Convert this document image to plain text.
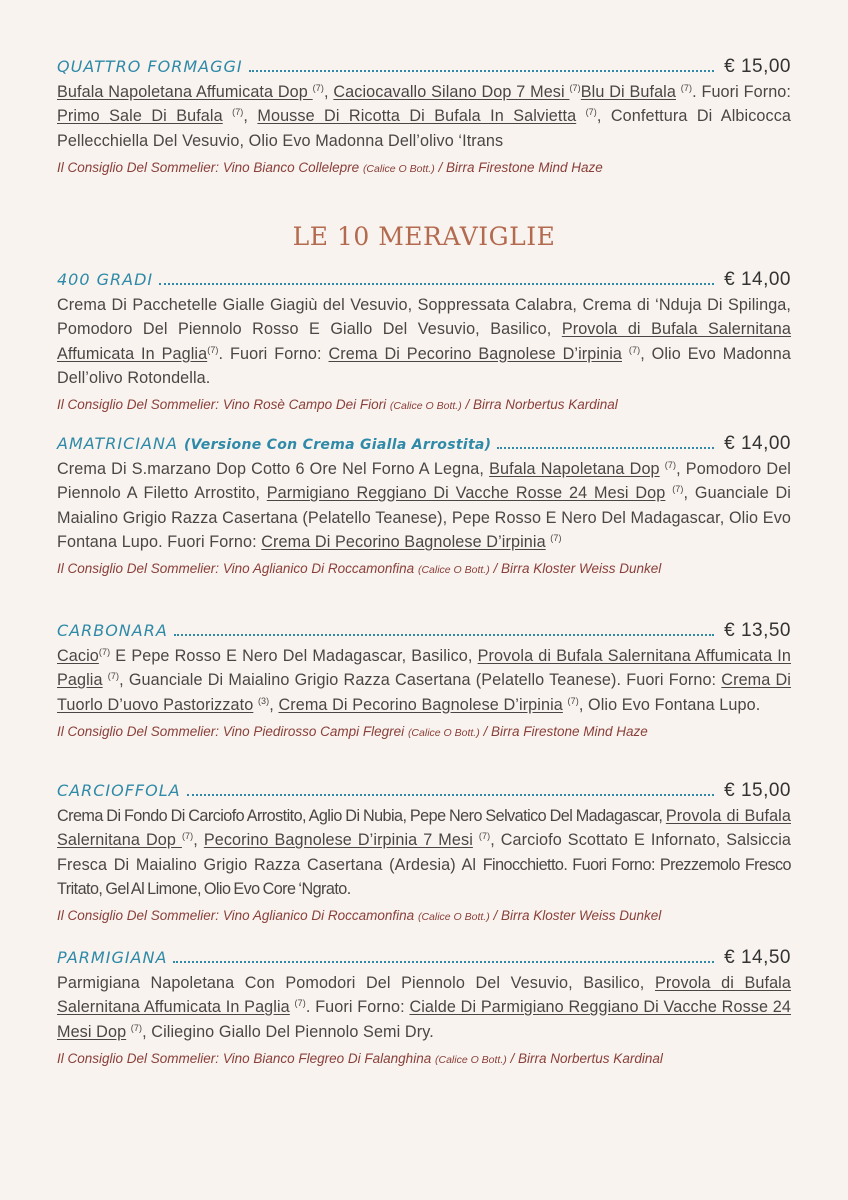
QUATTRO FORMAGGI	€ 15,00
Bufala Napoletana Affumicata Dop $^{(7)}$, Caciocavallo Silano Dop 7 Mesi $^{(7)}$Blu Di Bufala $^{(7)}$. Fuori Forno: Primo Sale Di Bufala $^{(7)}$, Mousse Di Ricotta Di Bufala In Salvietta $^{(7)}$, Confettura Di Albicocca Pellecchiella Del Vesuvio, Olio Evo Madonna Dell’olivo ‘Itrans
Il Consiglio Del Sommelier: Vino Bianco Collelepre (Calice O Bott.) / Birra Firestone Mind Haze
LE 10 MERAVIGLIE
400 GRADI	€ 14,00
Crema Di Pacchetelle Gialle Giagiù del Vesuvio, Soppressata Calabra, Crema di ‘Nduja Di Spilinga, Pomodoro Del Piennolo Rosso E Giallo Del Vesuvio, Basilico, Provola di Bufala Salernitana Affumicata In Paglia$^{(7)}$. Fuori Forno: Crema Di Pecorino Bagnolese D’irpinia $^{(7)}$, Olio Evo Madonna Dell’olivo Rotondella.
Il Consiglio Del Sommelier: Vino Rosè Campo Dei Fiori (Calice O Bott.) / Birra Norbertus Kardinal
AMATRICIANA (Versione Con Crema Gialla Arrostita)	€ 14,00
Crema Di S.marzano Dop Cotto 6 Ore Nel Forno A Legna, Bufala Napoletana Dop $^{(7)}$, Pomodoro Del Piennolo A Filetto Arrostito, Parmigiano Reggiano Di Vacche Rosse 24 Mesi Dop $^{(7)}$, Guanciale Di Maialino Grigio Razza Casertana (Pelatello Teanese), Pepe Rosso E Nero Del Madagascar, Olio Evo Fontana Lupo. Fuori Forno: Crema Di Pecorino Bagnolese D’irpinia $^{(7)}$
Il Consiglio Del Sommelier: Vino Aglianico Di Roccamonfina (Calice O Bott.) / Birra Kloster Weiss Dunkel
CARBONARA	€ 13,50
Cacio$^{(7)}$ E Pepe Rosso E Nero Del Madagascar, Basilico, Provola di Bufala Salernitana Affumicata In Paglia $^{(7)}$, Guanciale Di Maialino Grigio Razza Casertana (Pelatello Teanese). Fuori Forno: Crema Di Tuorlo D’uovo Pastorizzato $^{(3)}$, Crema Di Pecorino Bagnolese D’irpinia $^{(7)}$, Olio Evo Fontana Lupo.
Il Consiglio Del Sommelier: Vino Piedirosso Campi Flegrei (Calice O Bott.) / Birra Firestone Mind Haze
CARCIOFFOLA	€ 15,00
Crema Di Fondo Di Carciofo Arrostito, Aglio Di Nubia, Pepe Nero Selvatico Del Madagascar, Provola di Bufala Salernitana Dop $^{(7)}$, Pecorino Bagnolese D’irpinia 7 Mesi $^{(7)}$, Carciofo Scottato E Infornato, Salsiccia Fresca Di Maialino Grigio Razza Casertana (Ardesia) Al Finocchietto. Fuori Forno: Prezzemolo Fresco Tritato, Gel Al Limone, Olio Evo Core ‘Ngrato.
Il Consiglio Del Sommelier: Vino Aglianico Di Roccamonfina (Calice O Bott.) / Birra Kloster Weiss Dunkel
PARMIGIANA	€ 14,50
Parmigiana Napoletana Con Pomodori Del Piennolo Del Vesuvio, Basilico, Provola di Bufala Salernitana Affumicata In Paglia $^{(7)}$. Fuori Forno: Cialde Di Parmigiano Reggiano Di Vacche Rosse 24 Mesi Dop $^{(7)}$, Ciliegino Giallo Del Piennolo Semi Dry.
Il Consiglio Del Sommelier: Vino Bianco Flegreo Di Falanghina (Calice O Bott.) / Birra Norbertus Kardinal
